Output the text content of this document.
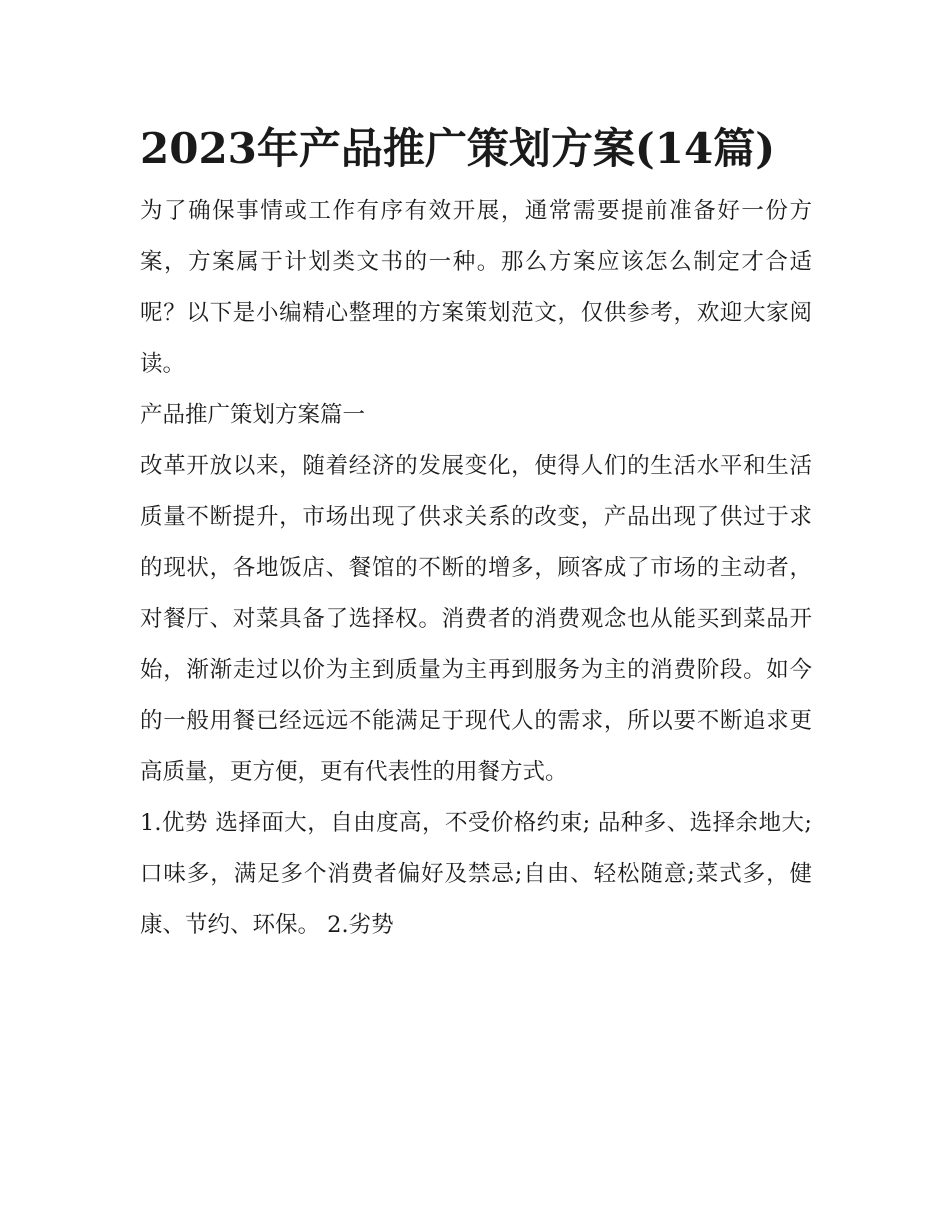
2023年产品推广策划方案(14篇)

为了确保事情或工作有序有效开展，通常需要提前准备好一份方案，方案属于计划类文书的一种。那么方案应该怎么制定才合适呢？以下是小编精心整理的方案策划范文，仅供参考，欢迎大家阅读。

产品推广策划方案篇一

改革开放以来，随着经济的发展变化，使得人们的生活水平和生活质量不断提升，市场出现了供求关系的改变，产品出现了供过于求的现状，各地饭店、餐馆的不断的增多，顾客成了市场的主动者，对餐厅、对菜具备了选择权。消费者的消费观念也从能买到菜品开始，渐渐走过以价为主到质量为主再到服务为主的消费阶段。如今的一般用餐已经远远不能满足于现代人的需求，所以要不断追求更高质量，更方便，更有代表性的用餐方式。

1.优势 选择面大，自由度高，不受价格约束; 品种多、选择余地大;口味多，满足多个消费者偏好及禁忌;自由、轻松随意;菜式多，健康、节约、环保。 2.劣势
